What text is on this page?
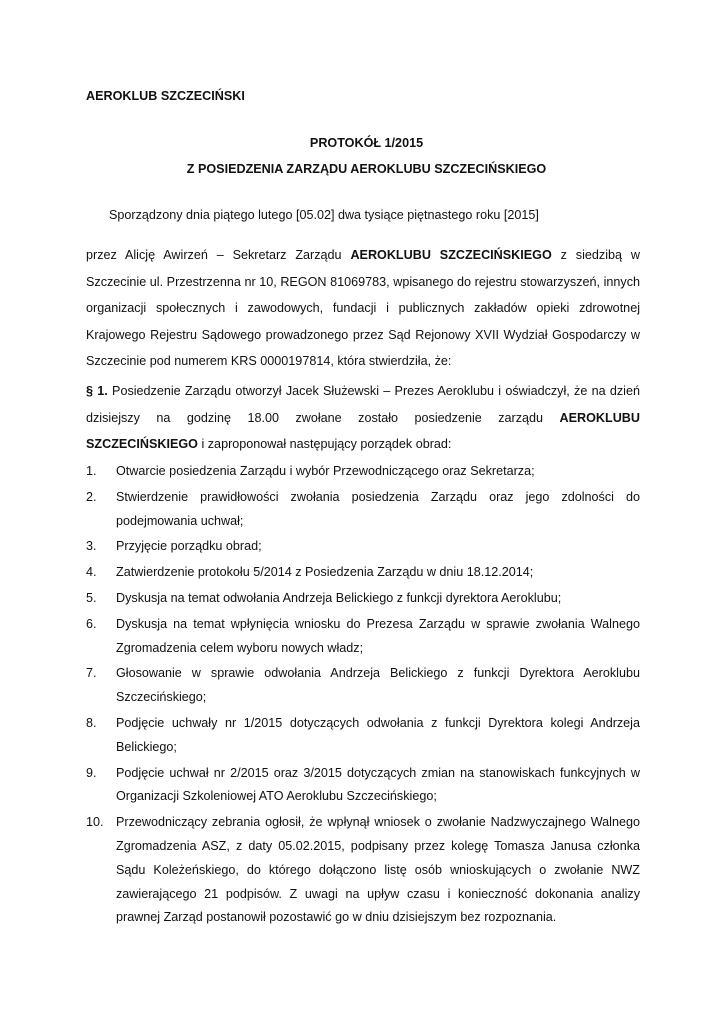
AEROKLUB SZCZECIŃSKI
PROTOKÓŁ 1/2015
Z POSIEDZENIA ZARZĄDU AEROKLUBU SZCZECIŃSKIEGO
Sporządzony dnia piątego lutego [05.02] dwa tysiące piętnastego roku [2015]
przez Alicję Awirzeń – Sekretarz Zarządu AEROKLUBU SZCZECIŃSKIEGO z siedzibą w Szczecinie ul. Przestrzenna nr 10, REGON 81069783, wpisanego do rejestru stowarzyszeń, innych organizacji społecznych i zawodowych, fundacji i publicznych zakładów opieki zdrowotnej Krajowego Rejestru Sądowego prowadzonego przez Sąd Rejonowy XVII Wydział Gospodarczy w Szczecinie pod numerem KRS 0000197814, która stwierdziła, że:
§ 1. Posiedzenie Zarządu otworzył Jacek Służewski – Prezes Aeroklubu i oświadczył, że na dzień dzisiejszy na godzinę 18.00 zwołane zostało posiedzenie zarządu AEROKLUBU SZCZECIŃSKIEGO i zaproponował następujący porządek obrad:
1.	Otwarcie posiedzenia Zarządu i wybór Przewodniczącego oraz Sekretarza;
2.	Stwierdzenie prawidłowości zwołania posiedzenia Zarządu oraz jego zdolności do podejmowania uchwał;
3.	Przyjęcie porządku obrad;
4.	Zatwierdzenie protokołu 5/2014 z Posiedzenia Zarządu w dniu 18.12.2014;
5.	Dyskusja na temat odwołania Andrzeja Belickiego z funkcji dyrektora Aeroklubu;
6.	Dyskusja na temat wpłynięcia wniosku do Prezesa Zarządu w sprawie zwołania Walnego Zgromadzenia celem wyboru nowych władz;
7.	Głosowanie w sprawie odwołania Andrzeja Belickiego z funkcji Dyrektora Aeroklubu Szczecińskiego;
8.	Podjęcie uchwały nr 1/2015 dotyczących odwołania z funkcji Dyrektora kolegi Andrzeja Belickiego;
9.	Podjęcie uchwał nr 2/2015 oraz 3/2015 dotyczących zmian na stanowiskach funkcyjnych w Organizacji Szkoleniowej ATO Aeroklubu Szczecińskiego;
10. Przewodniczący zebrania ogłosił, że wpłynął wniosek o zwołanie Nadzwyczajnego Walnego Zgromadzenia ASZ, z daty 05.02.2015, podpisany przez kolegę Tomasza Janusa członka Sądu Koleżeńskiego, do którego dołączono listę osób wnioskujących o zwołanie NWZ zawierającego 21 podpisów. Z uwagi na upływ czasu i konieczność dokonania analizy prawnej Zarząd postanowił pozostawić go w dniu dzisiejszym bez rozpoznania.
